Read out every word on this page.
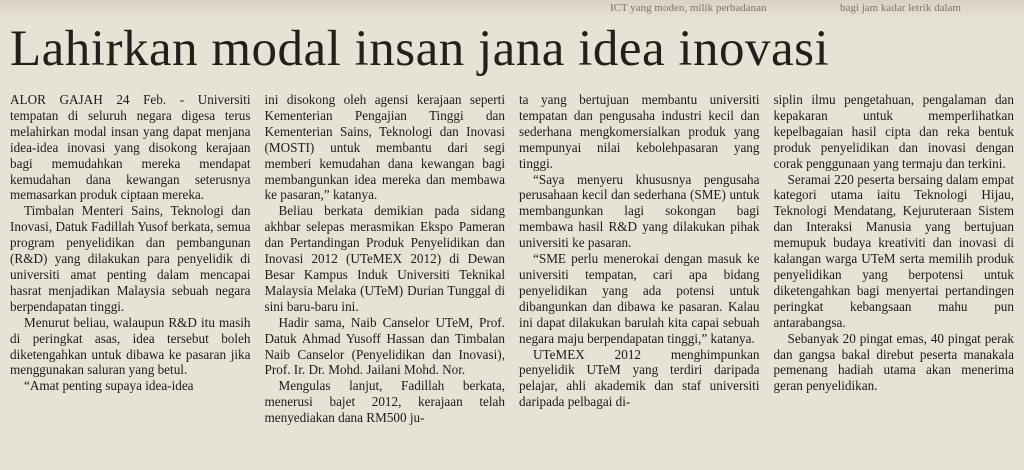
ICT yang moden, milik perbadanan	bagi jam kadar letrik dalam
Lahirkan modal insan jana idea inovasi

ALOR GAJAH 24 Feb. - Universiti tempatan di seluruh negara digesa terus melahirkan modal insan yang dapat menjana idea-idea inovasi yang disokong kerajaan bagi memudahkan mereka mendapat kemudahan dana kewangan seterusnya memasarkan produk ciptaan mereka.

Timbalan Menteri Sains, Teknologi dan Inovasi, Datuk Fadillah Yusof berkata, semua program penyelidikan dan pembangunan (R&D) yang dilakukan para penyelidik di universiti amat penting dalam mencapai hasrat menjadikan Malaysia sebuah negara berpendapatan tinggi.

Menurut beliau, walaupun R&D itu masih di peringkat asas, idea tersebut boleh diketengahkan untuk dibawa ke pasaran jika menggunakan saluran yang betul.

“Amat penting supaya idea-idea

ini disokong oleh agensi kerajaan seperti Kementerian Pengajian Tinggi dan Kementerian Sains, Teknologi dan Inovasi (MOSTI) untuk membantu dari segi memberi kemudahan dana kewangan bagi membangunkan idea mereka dan membawa ke pasaran,” katanya.

Beliau berkata demikian pada sidang akhbar selepas merasmikan Ekspo Pameran dan Pertandingan Produk Penyelidikan dan Inovasi 2012 (UTeMEX 2012) di Dewan Besar Kampus Induk Universiti Teknikal Malaysia Melaka (UTeM) Durian Tunggal di sini baru-baru ini.

Hadir sama, Naib Canselor UTeM, Prof. Datuk Ahmad Yusoff Hassan dan Timbalan Naib Canselor (Penyelidikan dan Inovasi), Prof. Ir. Dr. Mohd. Jailani Mohd. Nor.

Mengulas lanjut, Fadillah berkata, menerusi bajet 2012, kerajaan telah menyediakan dana RM500 ju-

ta yang bertujuan membantu universiti tempatan dan pengusaha industri kecil dan sederhana mengkomersialkan produk yang mempunyai nilai kebolehpasaran yang tinggi.

“Saya menyeru khususnya pengusaha perusahaan kecil dan sederhana (SME) untuk membangunkan lagi sokongan bagi membawa hasil R&D yang dilakukan pihak universiti ke pasaran.

“SME perlu menerokai dengan masuk ke universiti tempatan, cari apa bidang penyelidikan yang ada potensi untuk dibangunkan dan dibawa ke pasaran. Kalau ini dapat dilakukan barulah kita capai sebuah negara maju berpendapatan tinggi,” katanya.

UTeMEX 2012 menghimpunkan penyelidik UTeM yang terdiri daripada pelajar, ahli akademik dan staf universiti daripada pelbagai di-

siplin ilmu pengetahuan, pengalaman dan kepakaran untuk memperlihatkan kepelbagaian hasil cipta dan reka bentuk produk penyelidikan dan inovasi dengan corak penggunaan yang termaju dan terkini.

Seramai 220 peserta bersaing dalam empat kategori utama iaitu Teknologi Hijau, Teknologi Mendatang, Kejuruteraan Sistem dan Interaksi Manusia yang bertujuan memupuk budaya kreativiti dan inovasi di kalangan warga UTeM serta memilih produk penyelidikan yang berpotensi untuk diketengahkan bagi menyertai pertandingen peringkat kebangsaan mahu pun antarabangsa.

Sebanyak 20 pingat emas, 40 pingat perak dan gangsa bakal direbut peserta manakala pemenang hadiah utama akan menerima geran penyelidikan.
